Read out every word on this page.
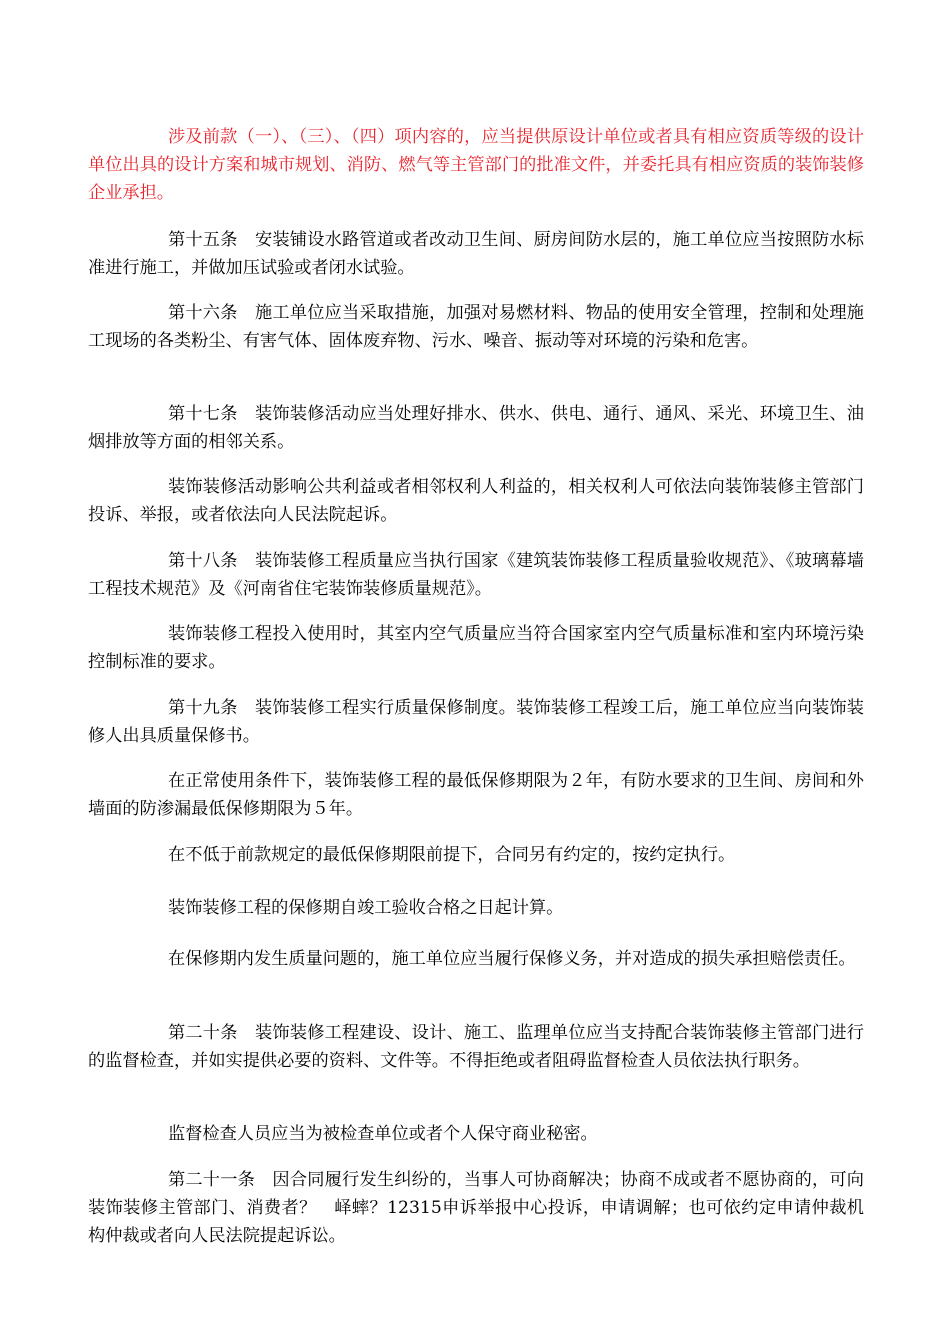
涉及前款（一）、（三）、（四）项内容的，应当提供原设计单位或者具有相应资质等级的设计单位出具的设计方案和城市规划、消防、燃气等主管部门的批准文件，并委托具有相应资质的装饰装修企业承担。

第十五条　安装铺设水路管道或者改动卫生间、厨房间防水层的，施工单位应当按照防水标准进行施工，并做加压试验或者闭水试验。

第十六条　施工单位应当采取措施，加强对易燃材料、物品的使用安全管理，控制和处理施工现场的各类粉尘、有害气体、固体废弃物、污水、噪音、振动等对环境的污染和危害。

第十七条　装饰装修活动应当处理好排水、供水、供电、通行、通风、采光、环境卫生、油烟排放等方面的相邻关系。

装饰装修活动影响公共利益或者相邻权利人利益的，相关权利人可依法向装饰装修主管部门投诉、举报，或者依法向人民法院起诉。

第十八条　装饰装修工程质量应当执行国家《建筑装饰装修工程质量验收规范》、《玻璃幕墙工程技术规范》及《河南省住宅装饰装修质量规范》。

装饰装修工程投入使用时，其室内空气质量应当符合国家室内空气质量标准和室内环境污染控制标准的要求。

第十九条　装饰装修工程实行质量保修制度。装饰装修工程竣工后，施工单位应当向装饰装修人出具质量保修书。

在正常使用条件下，装饰装修工程的最低保修期限为２年，有防水要求的卫生间、房间和外墙面的防渗漏最低保修期限为５年。

在不低于前款规定的最低保修期限前提下，合同另有约定的，按约定执行。

装饰装修工程的保修期自竣工验收合格之日起计算。

在保修期内发生质量问题的，施工单位应当履行保修义务，并对造成的损失承担赔偿责任。

第二十条　装饰装修工程建设、设计、施工、监理单位应当支持配合装饰装修主管部门进行的监督检查，并如实提供必要的资料、文件等。不得拒绝或者阻碍监督检查人员依法执行职务。

监督检查人员应当为被检查单位或者个人保守商业秘密。

第二十一条　因合同履行发生纠纷的，当事人可协商解决；协商不成或者不愿协商的，可向装饰装修主管部门、消费者？　峄蟀？12315申诉举报中心投诉，申请调解；也可依约定申请仲裁机构仲裁或者向人民法院提起诉讼。
